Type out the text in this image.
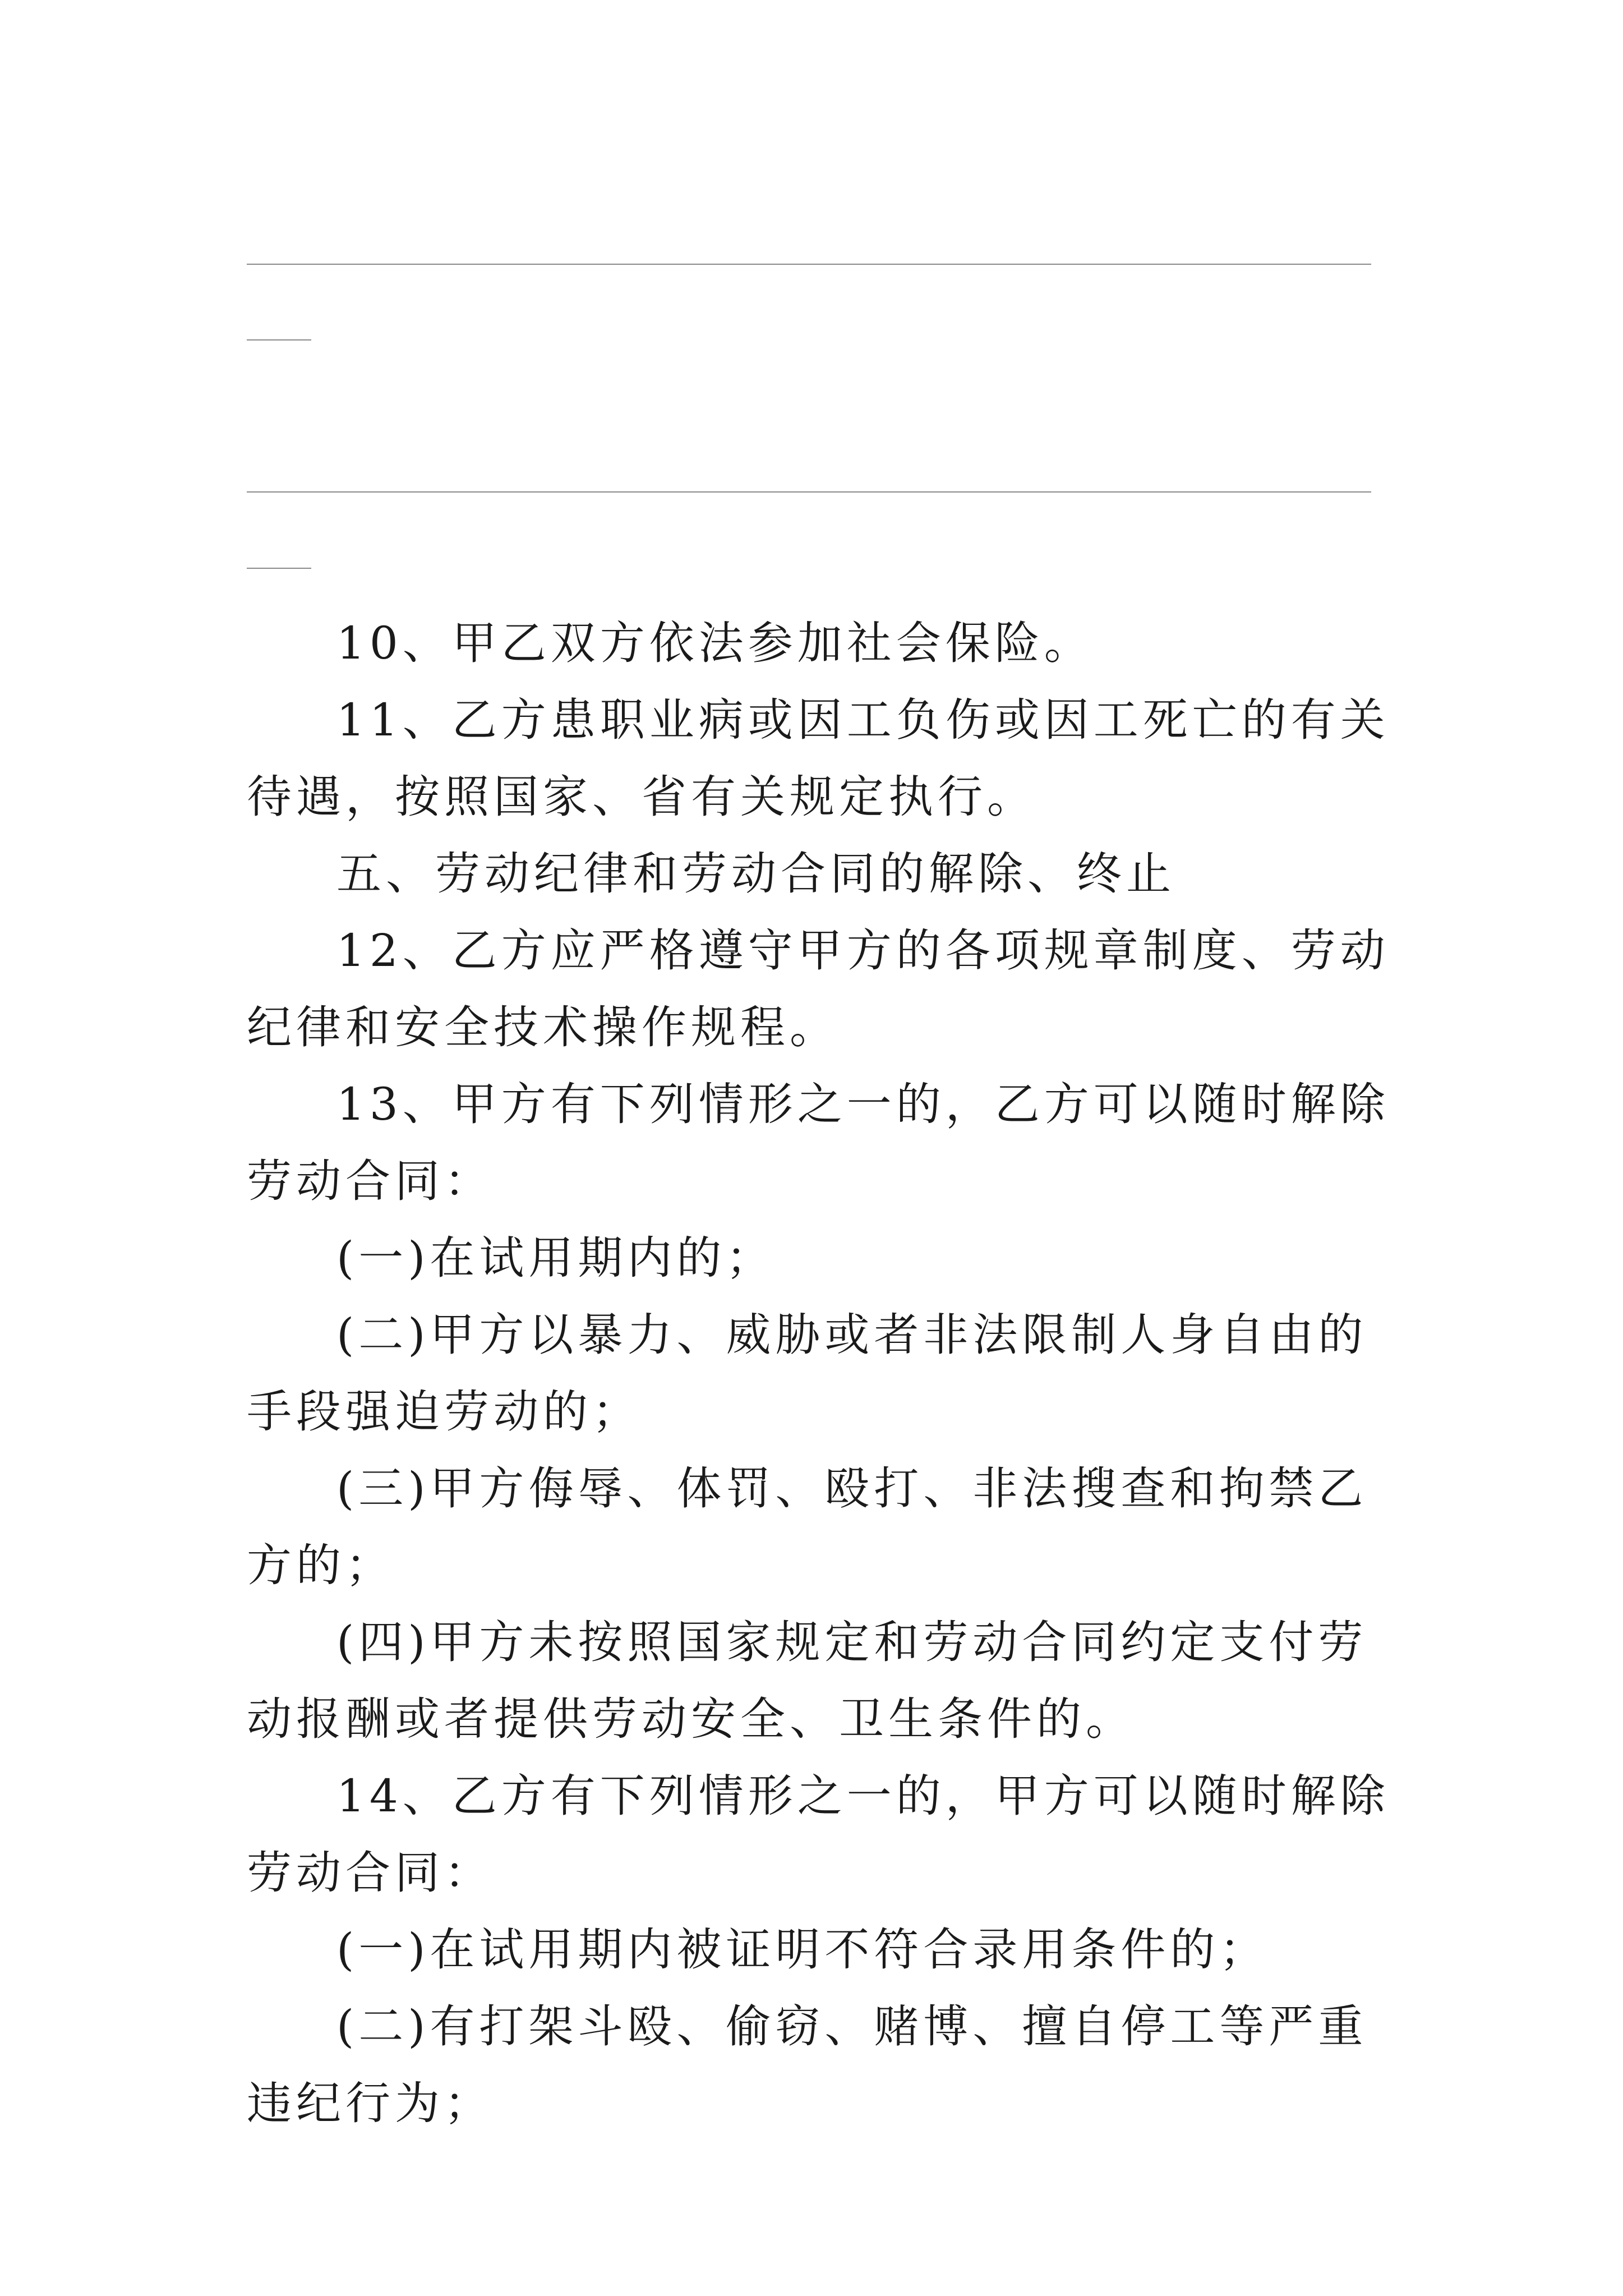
10、甲乙双方依法参加社会保险。

11、乙方患职业病或因工负伤或因工死亡的有关待遇，按照国家、省有关规定执行。

五、劳动纪律和劳动合同的解除、终止

12、乙方应严格遵守甲方的各项规章制度、劳动纪律和安全技术操作规程。

13、甲方有下列情形之一的，乙方可以随时解除劳动合同：

(一)在试用期内的；

(二)甲方以暴力、威胁或者非法限制人身自由的手段强迫劳动的；

(三)甲方侮辱、体罚、殴打、非法搜查和拘禁乙方的；

(四)甲方未按照国家规定和劳动合同约定支付劳动报酬或者提供劳动安全、卫生条件的。

14、乙方有下列情形之一的，甲方可以随时解除劳动合同：

(一)在试用期内被证明不符合录用条件的；

(二)有打架斗殴、偷窃、赌博、擅自停工等严重违纪行为；
